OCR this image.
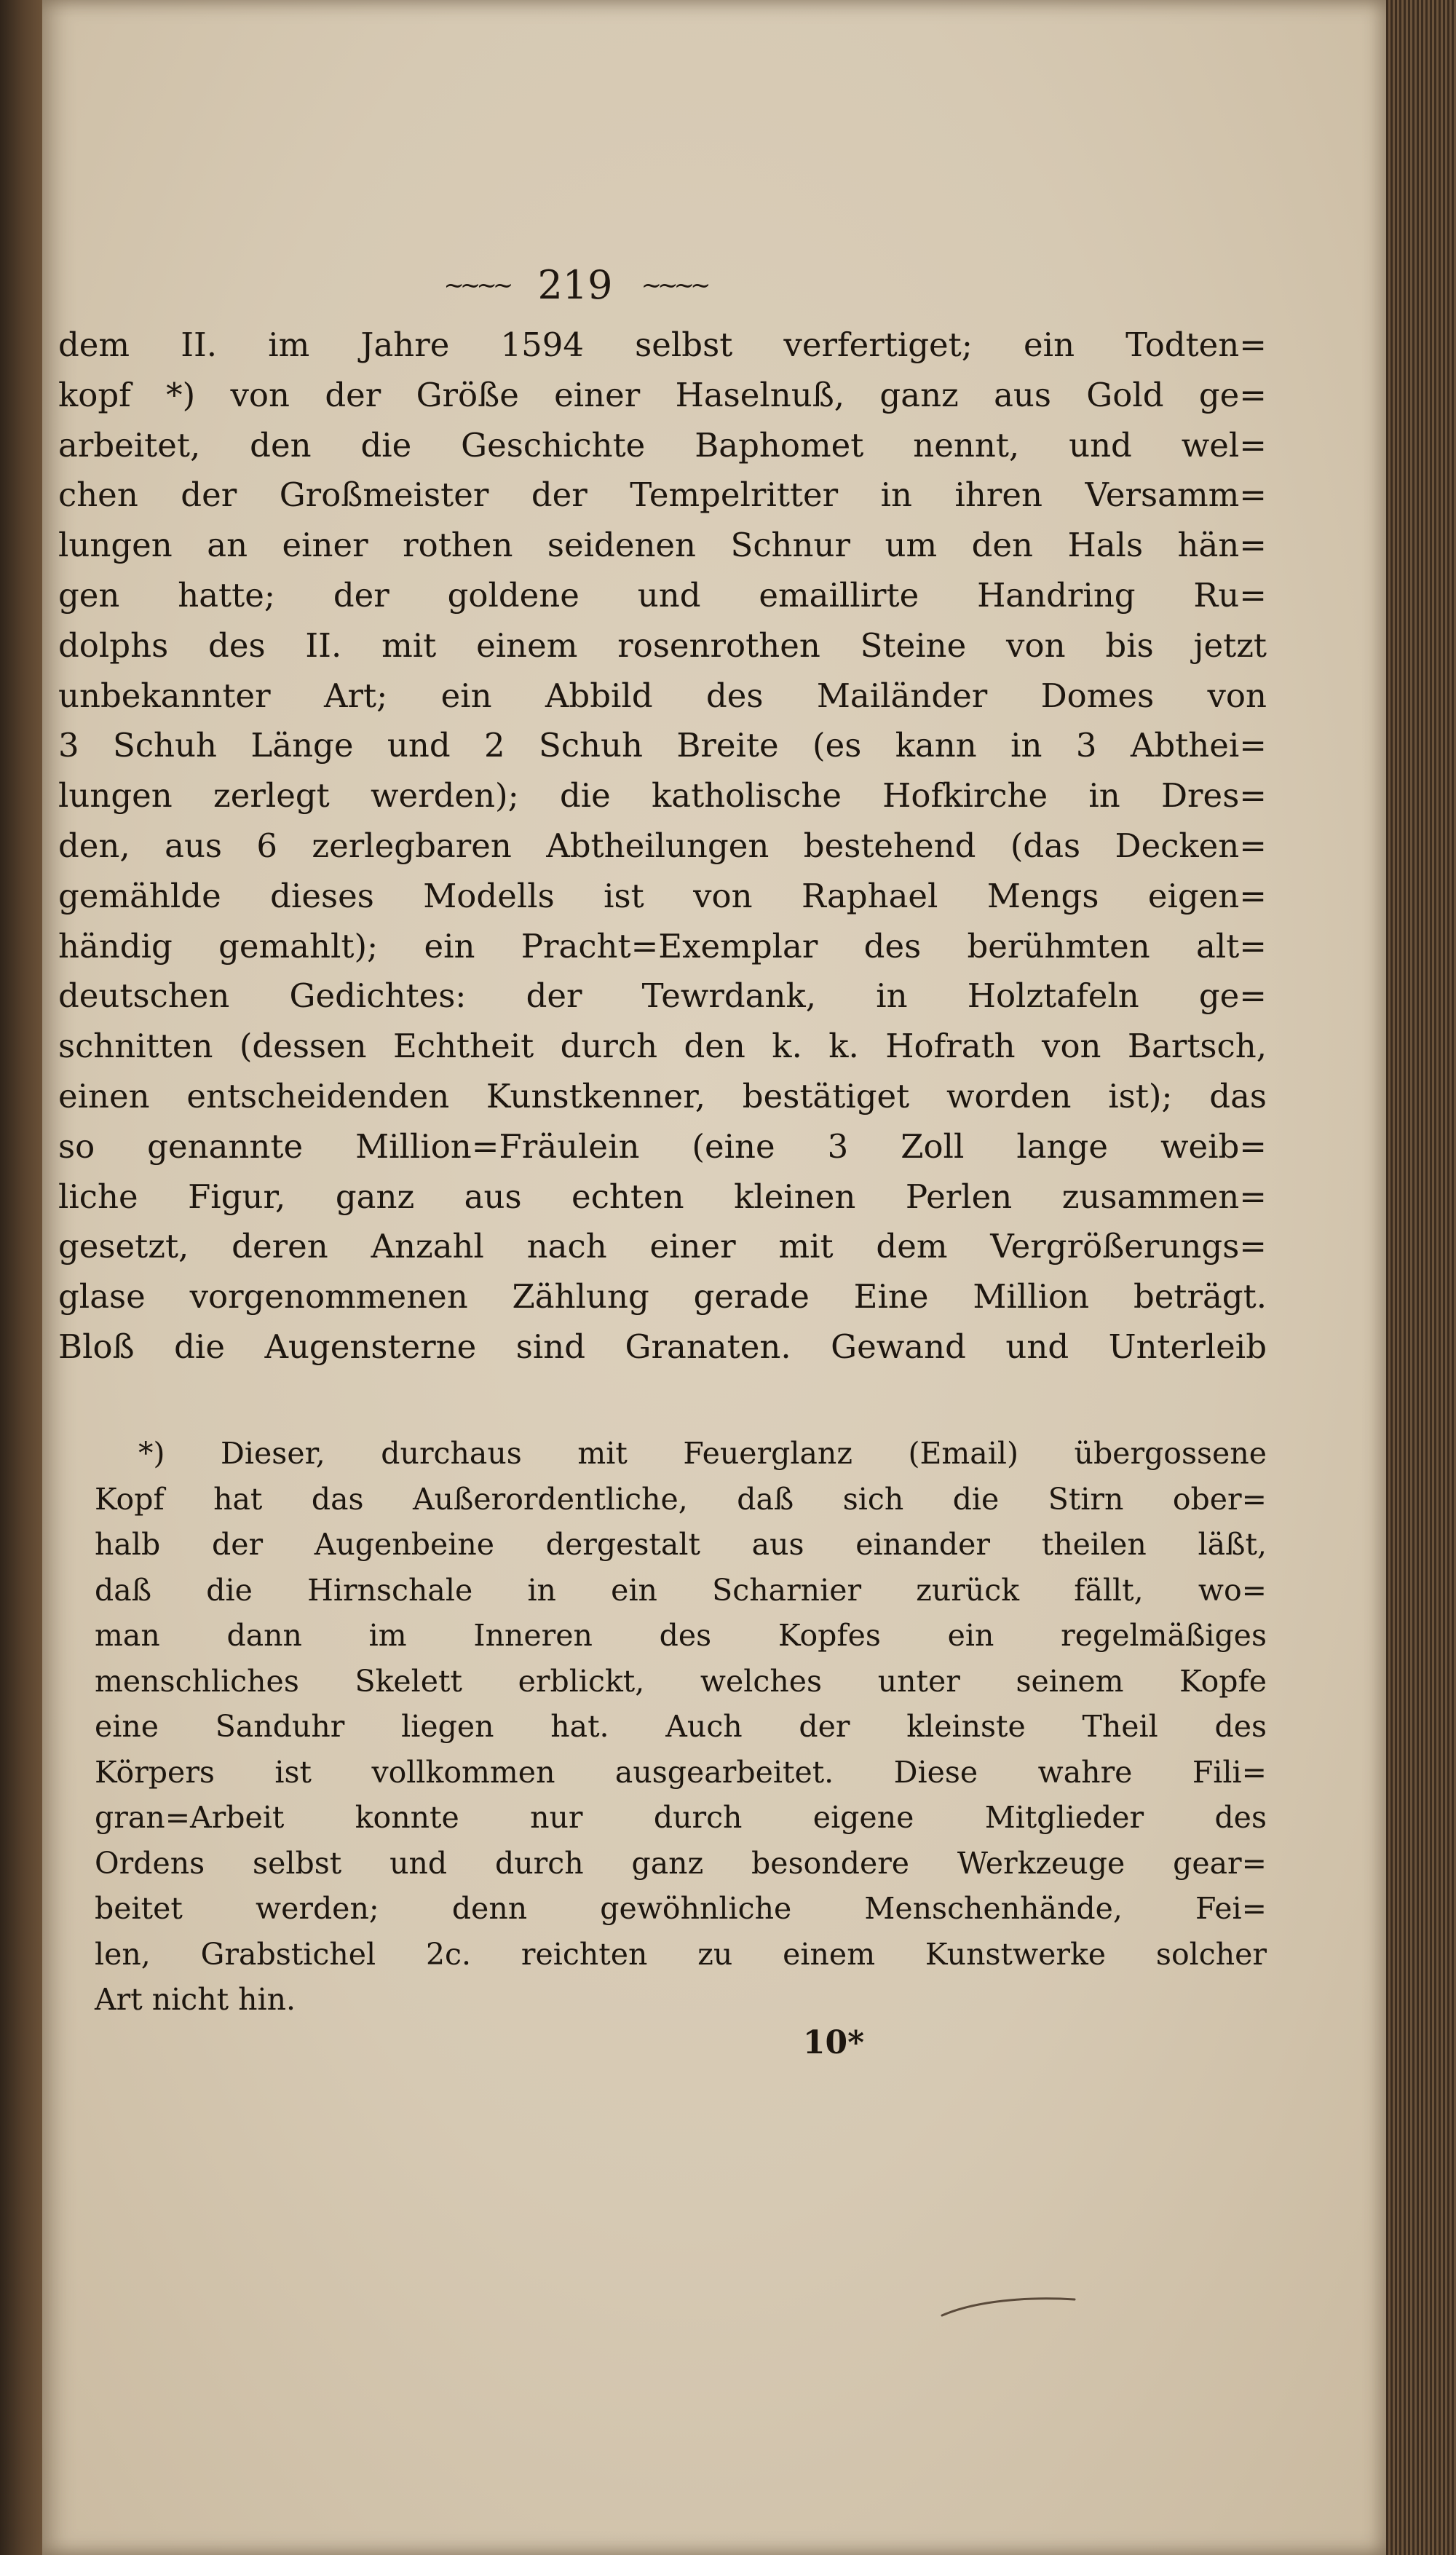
~~~~ 219 ~~~~
dem II. im Jahre 1594 selbst verfertiget; ein Todten=
kopf *) von der Größe einer Haselnuß, ganz aus Gold ge=
arbeitet, den die Geschichte Baphomet nennt, und wel=
chen der Großmeister der Tempelritter in ihren Versamm=
lungen an einer rothen seidenen Schnur um den Hals hän=
gen hatte; der goldene und emaillirte Handring Ru=
dolphs des II. mit einem rosenrothen Steine von bis jetzt
unbekannter Art; ein Abbild des Mailänder Domes von
3 Schuh Länge und 2 Schuh Breite (es kann in 3 Abthei=
lungen zerlegt werden); die katholische Hofkirche in Dres=
den, aus 6 zerlegbaren Abtheilungen bestehend (das Decken=
gemählde dieses Modells ist von Raphael Mengs eigen=
händig gemahlt); ein Pracht=Exemplar des berühmten alt=
deutschen Gedichtes: der Tewrdank, in Holztafeln ge=
schnitten (dessen Echtheit durch den k. k. Hofrath von Bartsch,
einen entscheidenden Kunstkenner, bestätiget worden ist); das
so genannte Million=Fräulein (eine 3 Zoll lange weib=
liche Figur, ganz aus echten kleinen Perlen zusammen=
gesetzt, deren Anzahl nach einer mit dem Vergrößerungs=
glase vorgenommenen Zählung gerade Eine Million beträgt.
Bloß die Augensterne sind Granaten. Gewand und Unterleib
*) Dieser, durchaus mit Feuerglanz (Email) übergossene
Kopf hat das Außerordentliche, daß sich die Stirn ober=
halb der Augenbeine dergestalt aus einander theilen läßt,
daß die Hirnschale in ein Scharnier zurück fällt, wo=
man dann im Inneren des Kopfes ein regelmäßiges
menschliches Skelett erblickt, welches unter seinem Kopfe
eine Sanduhr liegen hat. Auch der kleinste Theil des
Körpers ist vollkommen ausgearbeitet. Diese wahre Fili=
gran=Arbeit konnte nur durch eigene Mitglieder des
Ordens selbst und durch ganz besondere Werkzeuge gear=
beitet werden; denn gewöhnliche Menschenhände, Fei=
len, Grabstichel 2c. reichten zu einem Kunstwerke solcher
Art nicht hin.
10*
